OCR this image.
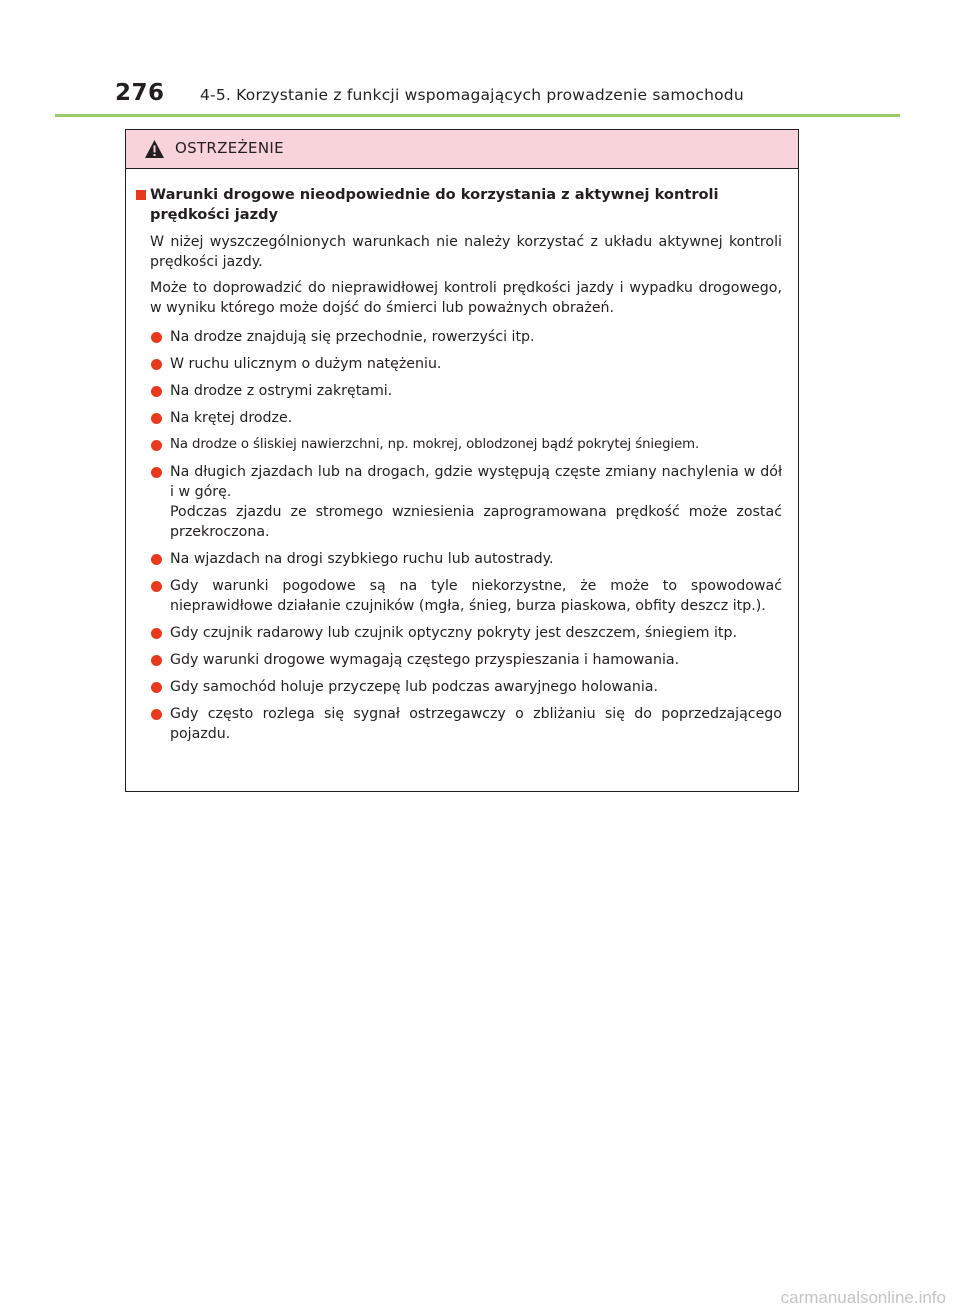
276 4-5. Korzystanie z funkcji wspomagających prowadzenie samochodu
OSTRZEŻENIE
Warunki drogowe nieodpowiednie do korzystania z aktywnej kontroli prędkości jazdy

W niżej wyszczególnionych warunkach nie należy korzystać z układu aktywnej kontroli prędkości jazdy.

Może to doprowadzić do nieprawidłowej kontroli prędkości jazdy i wypadku drogowego, w wyniku którego może dojść do śmierci lub poważnych obrażeń.

Na drodze znajdują się przechodnie, rowerzyści itp.
W ruchu ulicznym o dużym natężeniu.
Na drodze z ostrymi zakrętami.
Na krętej drodze.
Na drodze o śliskiej nawierzchni, np. mokrej, oblodzonej bądź pokrytej śniegiem.
Na długich zjazdach lub na drogach, gdzie występują częste zmiany nachylenia w dół i w górę.
Podczas zjazdu ze stromego wzniesienia zaprogramowana prędkość może zostać przekroczona.
Na wjazdach na drogi szybkiego ruchu lub autostrady.
Gdy warunki pogodowe są na tyle niekorzystne, że może to spowodować nieprawidłowe działanie czujników (mgła, śnieg, burza piaskowa, obfity deszcz itp.).
Gdy czujnik radarowy lub czujnik optyczny pokryty jest deszczem, śniegiem itp.
Gdy warunki drogowe wymagają częstego przyspieszania i hamowania.
Gdy samochód holuje przyczepę lub podczas awaryjnego holowania.
Gdy często rozlega się sygnał ostrzegawczy o zbliżaniu się do poprzedzającego pojazdu.
carmanualsonline.info
